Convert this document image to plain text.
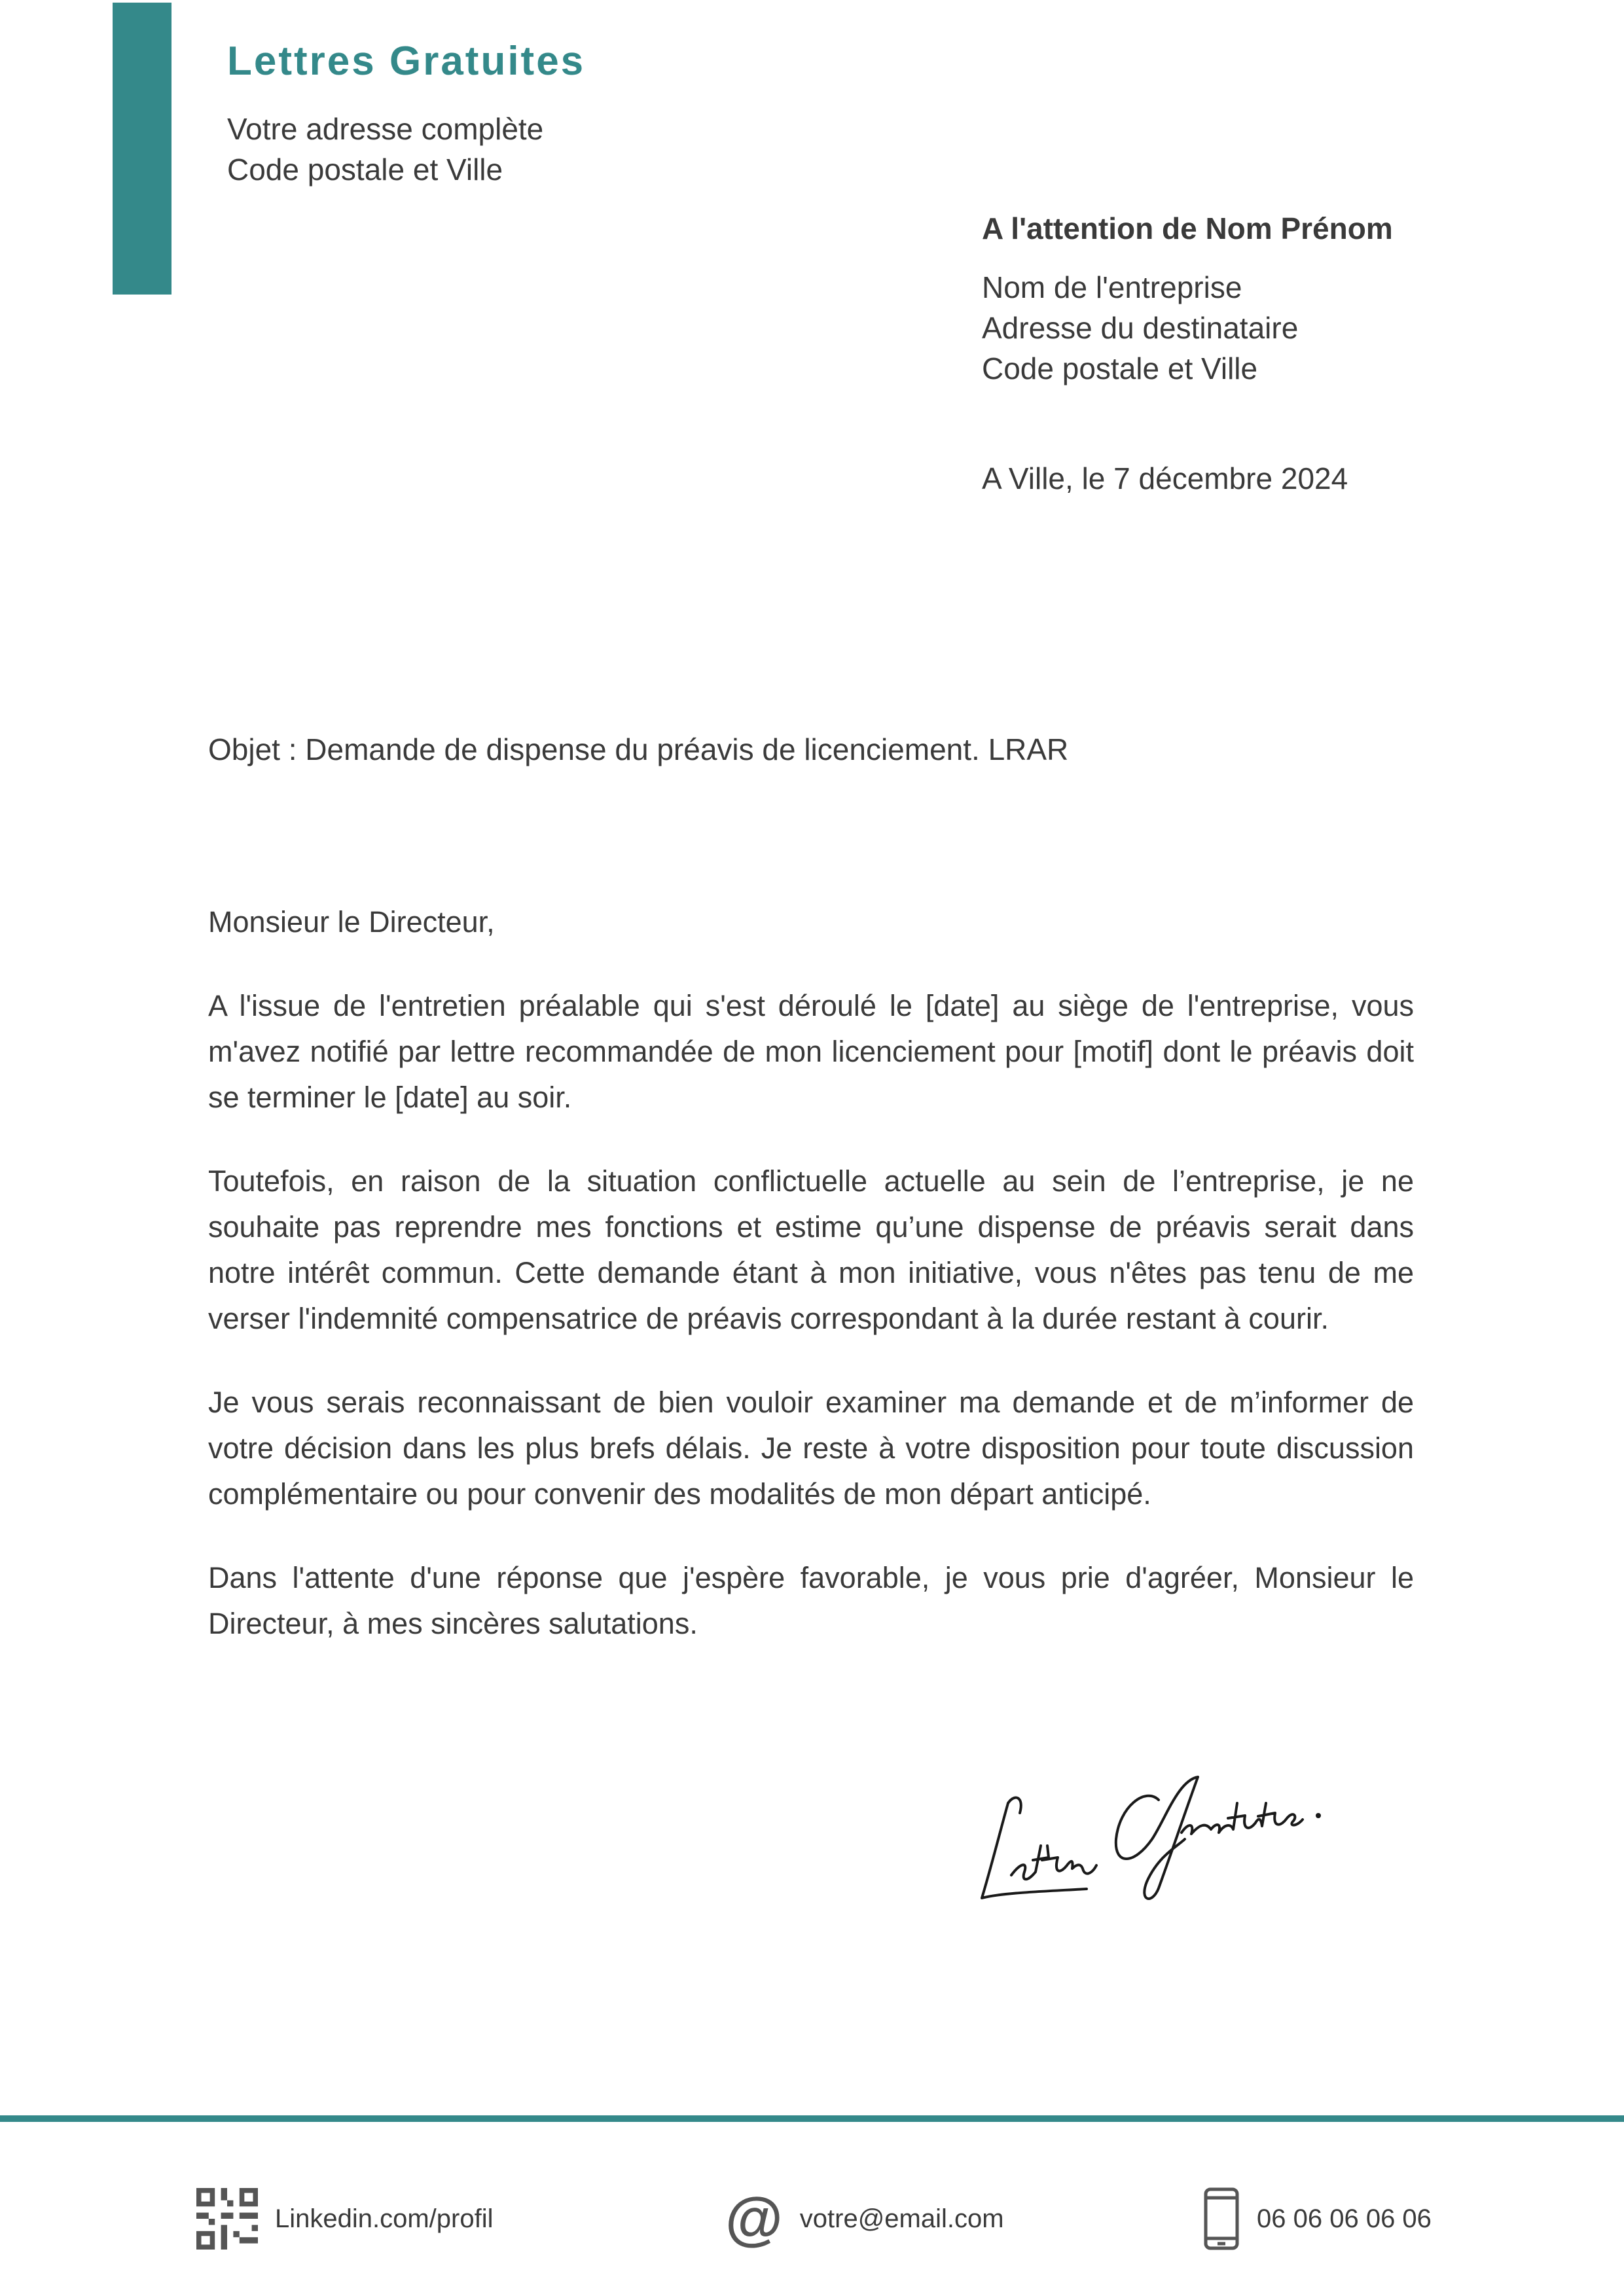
Lettres Gratuites
Votre adresse complète
Code postale et Ville
A l'attention de Nom Prénom
Nom de l'entreprise
Adresse du destinataire
Code postale et Ville
A Ville, le 7 décembre 2024
Objet : Demande de dispense du préavis de licenciement. LRAR
Monsieur le Directeur,

A l'issue de l'entretien préalable qui s'est déroulé le [date] au siège de l'entreprise, vous m'avez notifié par lettre recommandée de mon licenciement pour [motif] dont le préavis doit se terminer le [date] au soir.

Toutefois, en raison de la situation conflictuelle actuelle au sein de l’entreprise, je ne souhaite pas reprendre mes fonctions et estime qu’une dispense de préavis serait dans notre intérêt commun. Cette demande étant à mon initiative, vous n'êtes pas tenu de me verser l'indemnité compensatrice de préavis correspondant à la durée restant à courir.

Je vous serais reconnaissant de bien vouloir examiner ma demande et de m’informer de votre décision dans les plus brefs délais. Je reste à votre disposition pour toute discussion complémentaire ou pour convenir des modalités de mon départ anticipé.

Dans l'attente d'une réponse que j'espère favorable, je vous prie d'agréer, Monsieur le Directeur, à mes sincères salutations.

Linkedin.com/profil	@ votre@email.com	06 06 06 06 06
